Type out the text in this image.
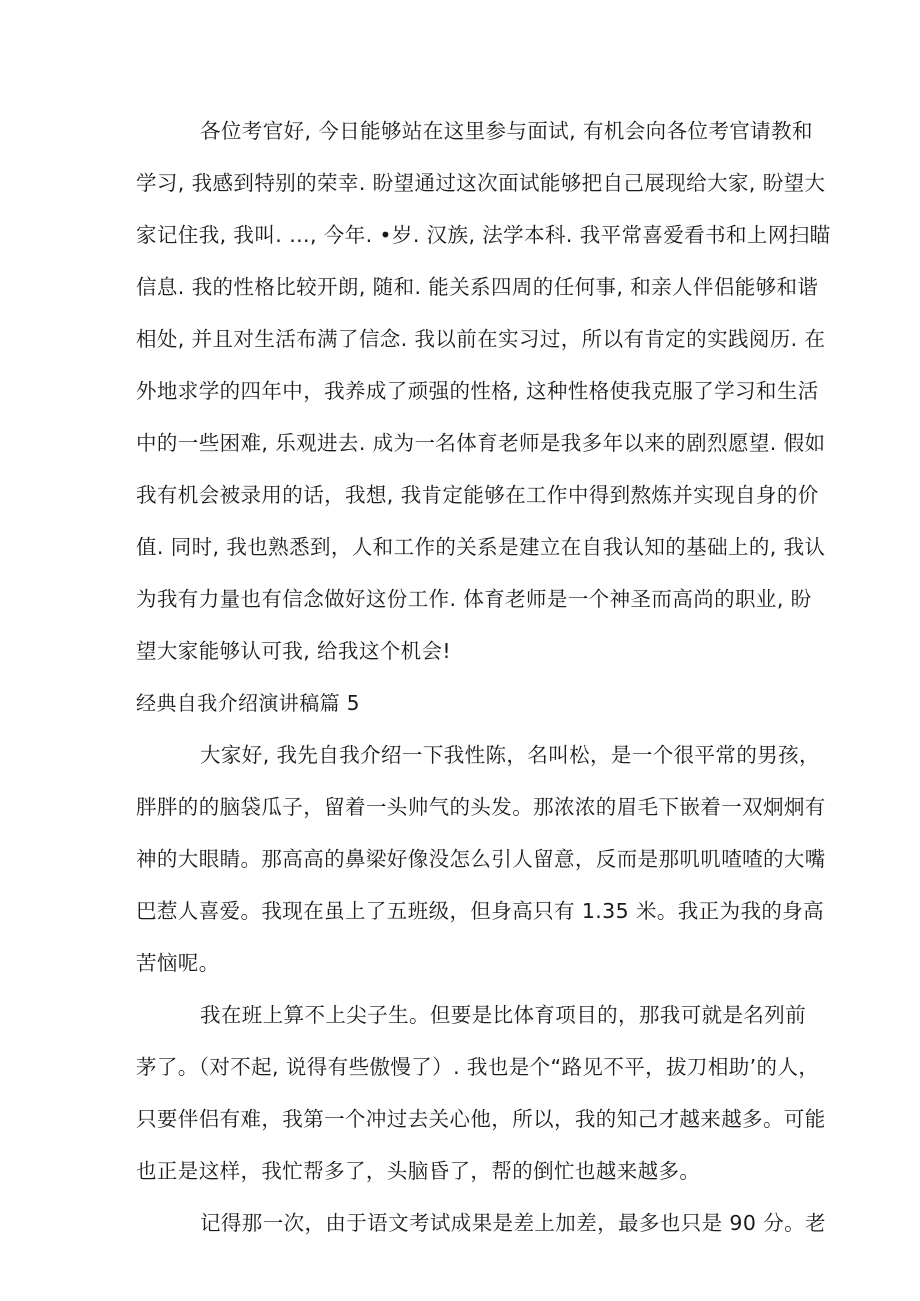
各位考官好, 今日能够站在这里参与面试, 有机会向各位考官请教和
学习, 我感到特别的荣幸. 盼望通过这次面试能够把自己展现给大家, 盼望大
家记住我, 我叫. …, 今年. •岁. 汉族, 法学本科. 我平常喜爱看书和上网扫瞄
信息. 我的性格比较开朗, 随和. 能关系四周的任何事, 和亲人伴侣能够和谐
相处, 并且对生活布满了信念. 我以前在实习过，所以有肯定的实践阅历. 在
外地求学的四年中，我养成了顽强的性格, 这种性格使我克服了学习和生活
中的一些困难, 乐观进去. 成为一名体育老师是我多年以来的剧烈愿望. 假如
我有机会被录用的话，我想, 我肯定能够在工作中得到熬炼并实现自身的价
值. 同时, 我也熟悉到，人和工作的关系是建立在自我认知的基础上的, 我认
为我有力量也有信念做好这份工作. 体育老师是一个神圣而高尚的职业, 盼
望大家能够认可我, 给我这个机会!
经典自我介绍演讲稿篇 5
大家好, 我先自我介绍一下我性陈，名叫松，是一个很平常的男孩，
胖胖的的脑袋瓜子，留着一头帅气的头发。那浓浓的眉毛下嵌着一双炯炯有
神的大眼睛。那高高的鼻梁好像没怎么引人留意，反而是那叽叽喳喳的大嘴
巴惹人喜爱。我现在虽上了五班级，但身高只有 1.35 米。我正为我的身高
苦恼呢。
我在班上算不上尖子生。但要是比体育项目的，那我可就是名列前
茅了。（对不起, 说得有些傲慢了）. 我也是个“路见不平，拔刀相助’的人，
只要伴侣有难，我第一个冲过去关心他，所以，我的知己才越来越多。可能
也正是这样，我忙帮多了，头脑昏了，帮的倒忙也越来越多。
记得那一次，由于语文考试成果是差上加差，最多也只是 90 分。老
